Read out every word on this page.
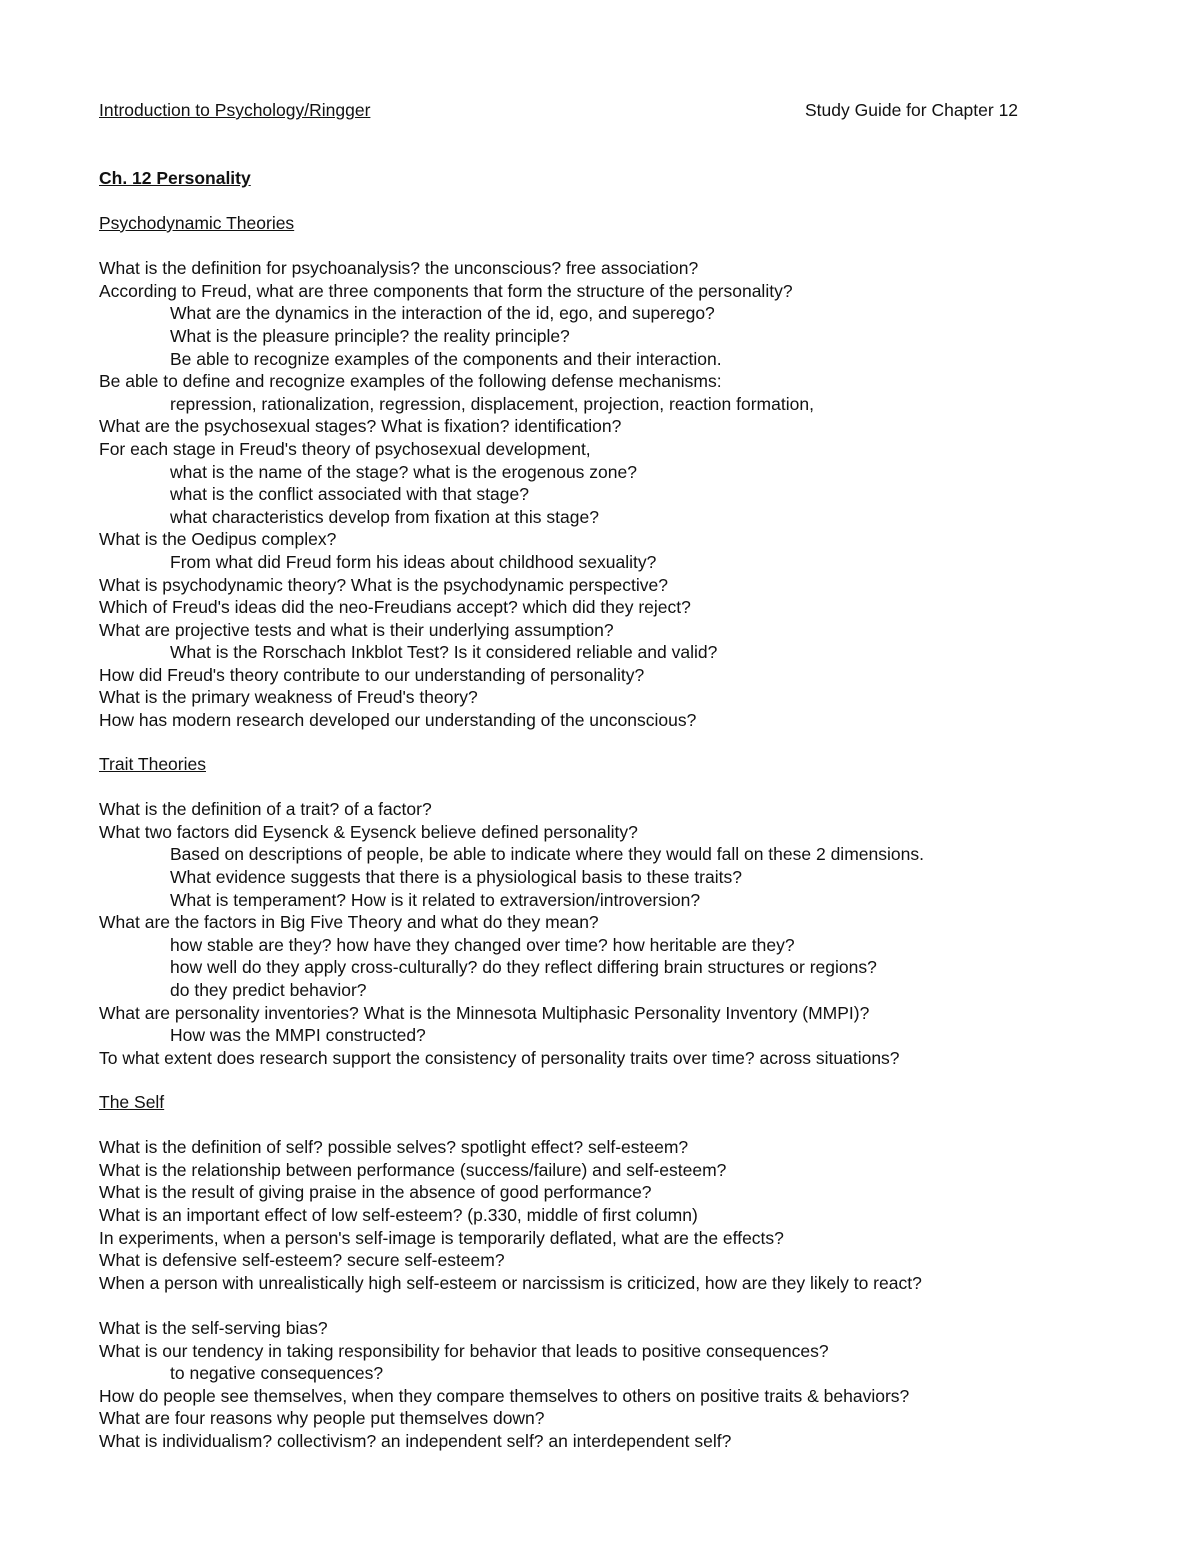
Introduction to Psychology/Ringger	Study Guide for Chapter 12
Ch. 12 Personality
Psychodynamic Theories
What is the definition for psychoanalysis? the unconscious? free association?
According to Freud, what are three components that form the structure of the personality?
What are the dynamics in the interaction of the id, ego, and superego?
What is the pleasure principle? the reality principle?
Be able to recognize examples of the components and their interaction.
Be able to define and recognize examples of the following defense mechanisms:
repression, rationalization, regression, displacement, projection, reaction formation,
What are the psychosexual stages? What is fixation? identification?
For each stage in Freud's theory of psychosexual development,
what is the name of the stage? what is the erogenous zone?
what is the conflict associated with that stage?
what characteristics develop from fixation at this stage?
What is the Oedipus complex?
From what did Freud form his ideas about childhood sexuality?
What is psychodynamic theory? What is the psychodynamic perspective?
Which of Freud's ideas did the neo-Freudians accept? which did they reject?
What are projective tests and what is their underlying assumption?
What is the Rorschach Inkblot Test? Is it considered reliable and valid?
How did Freud's theory contribute to our understanding of personality?
What is the primary weakness of Freud's theory?
How has modern research developed our understanding of the unconscious?
Trait Theories
What is the definition of a trait? of a factor?
What two factors did Eysenck & Eysenck believe defined personality?
Based on descriptions of people, be able to indicate where they would fall on these 2 dimensions.
What evidence suggests that there is a physiological basis to these traits?
What is temperament? How is it related to extraversion/introversion?
What are the factors in Big Five Theory and what do they mean?
how stable are they? how have they changed over time? how heritable are they?
how well do they apply cross-culturally? do they reflect differing brain structures or regions?
do they predict behavior?
What are personality inventories? What is the Minnesota Multiphasic Personality Inventory (MMPI)?
How was the MMPI constructed?
To what extent does research support the consistency of personality traits over time? across situations?
The Self
What is the definition of self? possible selves? spotlight effect? self-esteem?
What is the relationship between performance (success/failure) and self-esteem?
What is the result of giving praise in the absence of good performance?
What is an important effect of low self-esteem? (p.330, middle of first column)
In experiments, when a person's self-image is temporarily deflated, what are the effects?
What is defensive self-esteem? secure self-esteem?
When a person with unrealistically high self-esteem or narcissism is criticized, how are they likely to react?
What is the self-serving bias?
What is our tendency in taking responsibility for behavior that leads to positive consequences?
to negative consequences?
How do people see themselves, when they compare themselves to others on positive traits & behaviors?
What are four reasons why people put themselves down?
What is individualism? collectivism? an independent self? an interdependent self?
